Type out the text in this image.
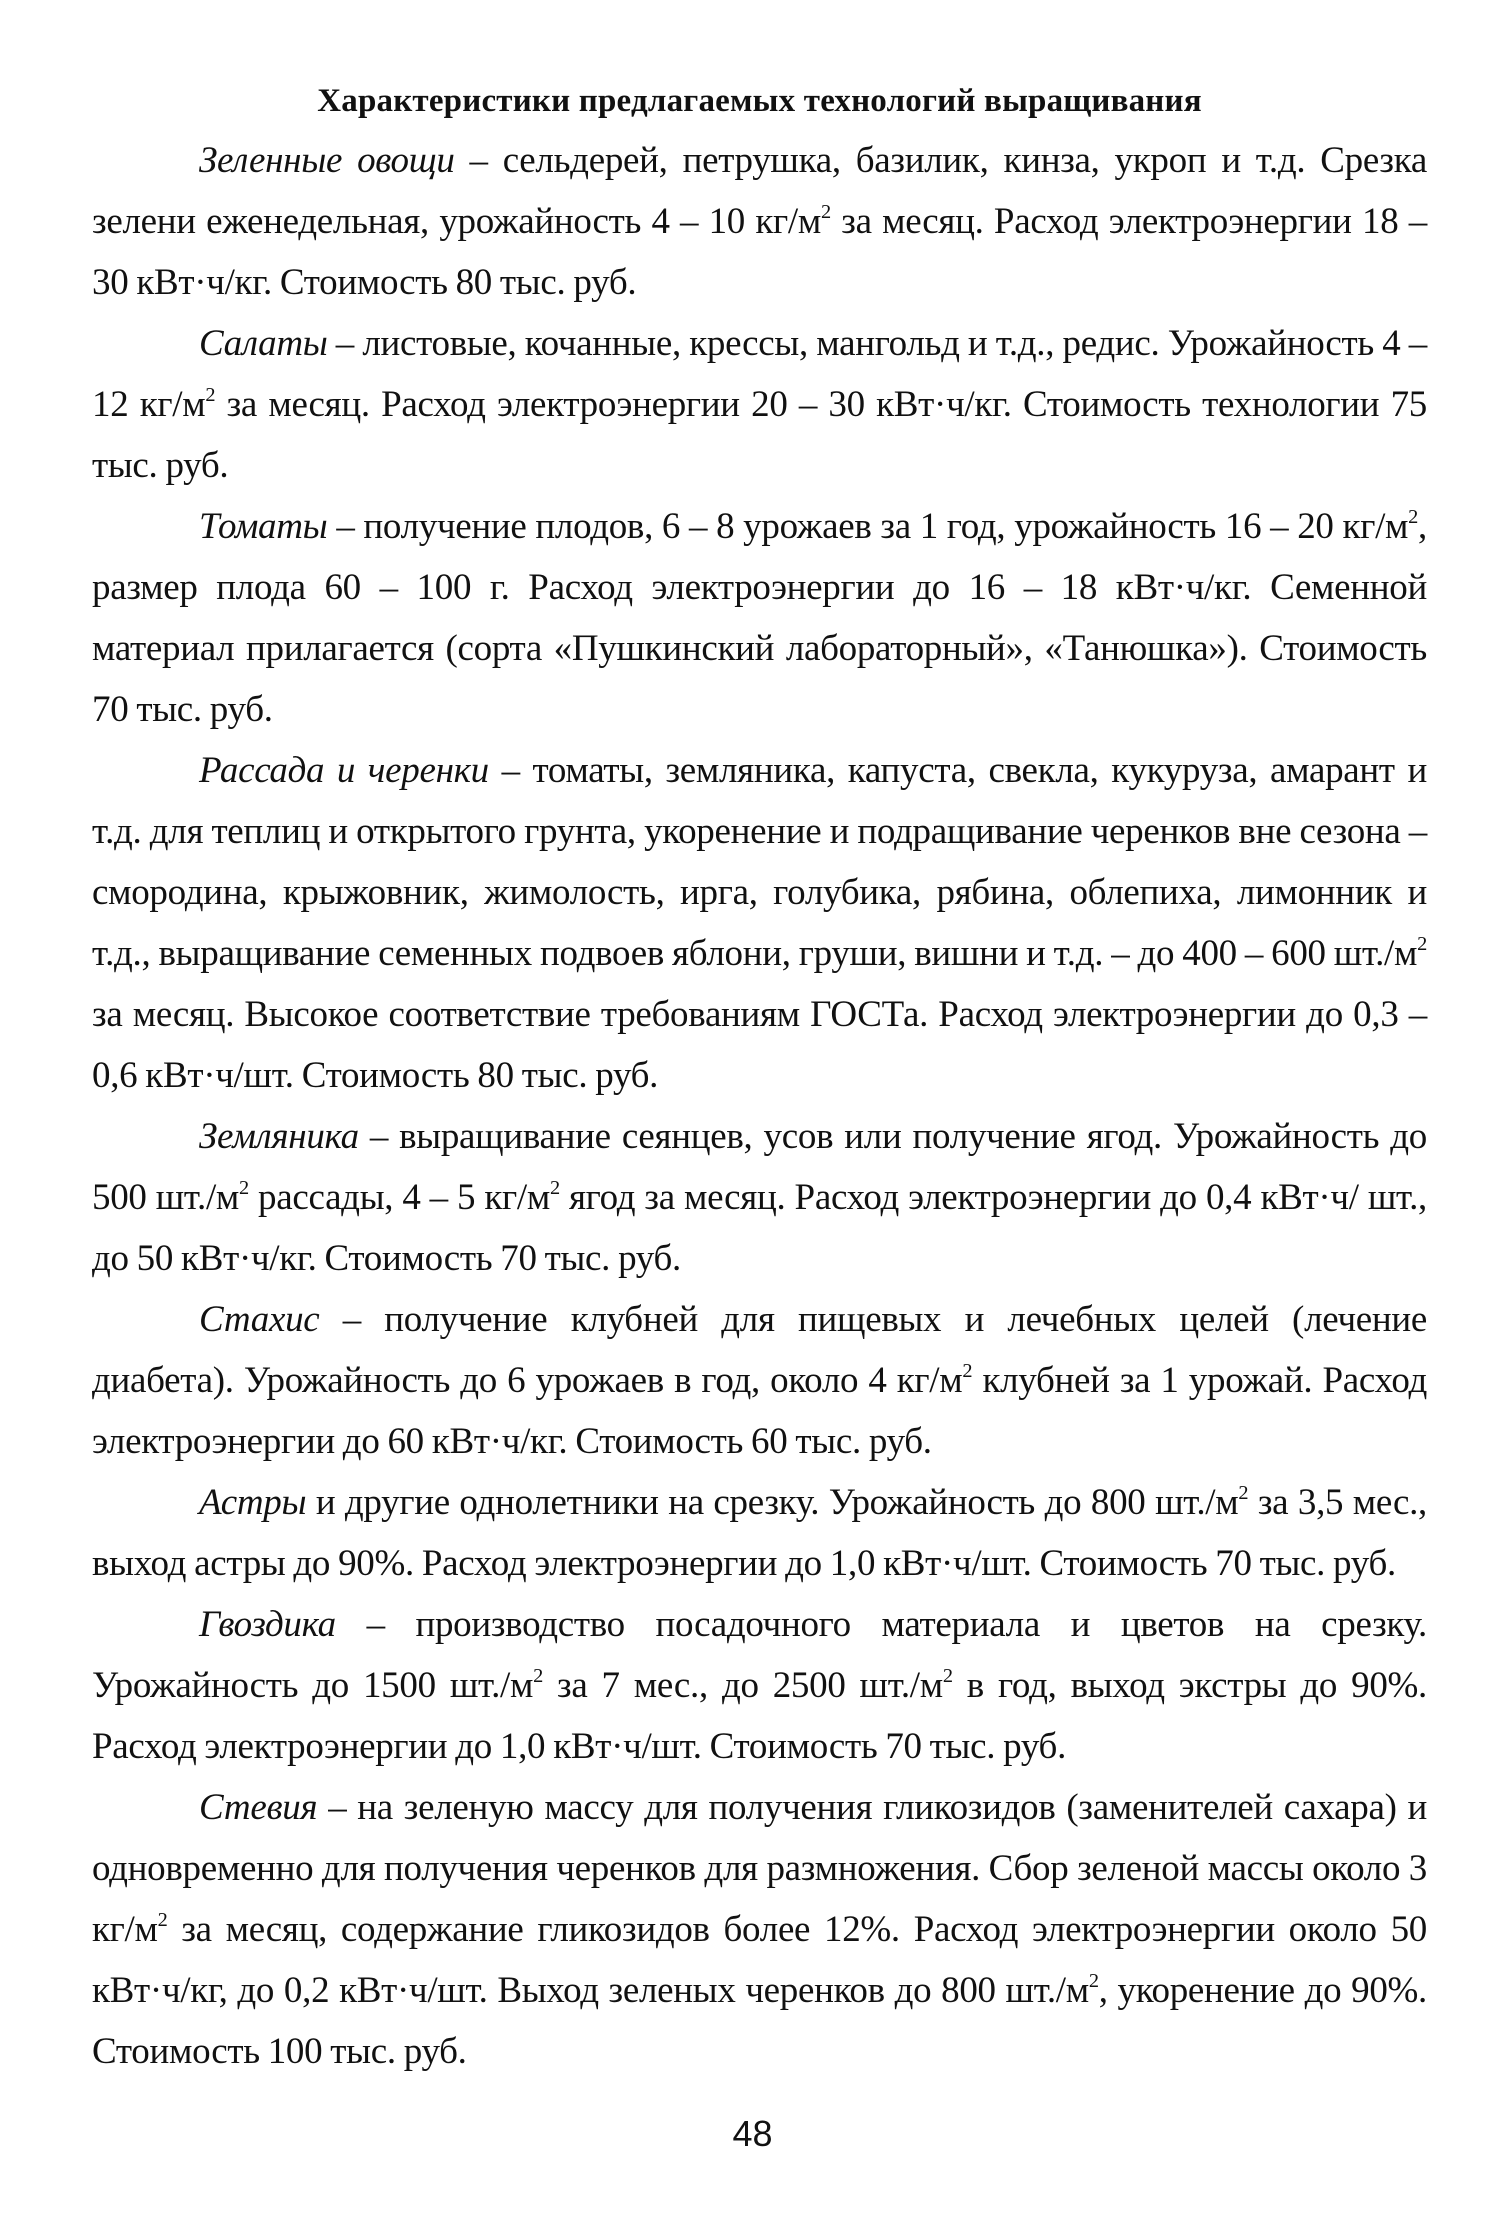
Характеристики предлагаемых технологий выращивания

Зеленные овощи – сельдерей, петрушка, базилик, кинза, укроп и т.д. Срезка зелени еженедельная, урожайность 4 – 10 $кг/м^2$ за месяц. Расход электроэнергии 18 – 30 кВт·ч/кг. Стоимость 80 тыс. руб.

Салаты – листовые, кочанные, крессы, мангольд и т.д., редис. Урожайность 4 – 12 $кг/м^2$ за месяц. Расход электроэнергии 20 – 30 кВт·ч/кг. Стоимость технологии 75 тыс. руб.

Томаты – получение плодов, 6 – 8 урожаев за 1 год, урожайность 16 – 20 $кг/м^2$, размер плода 60 – 100 г. Расход электроэнергии до 16 – 18 кВт·ч/кг. Семенной материал прилагается (сорта «Пушкинский лабораторный», «Танюшка»). Стоимость 70 тыс. руб.

Рассада и черенки – томаты, земляника, капуста, свекла, кукуруза, амарант и т.д. для теплиц и открытого грунта, укоренение и подращивание черенков вне сезона – смородина, крыжовник, жимолость, ирга, голубика, рябина, облепиха, лимонник и т.д., выращивание семенных подвоев яблони, груши, вишни и т.д. – до 400 – 600 $шт./м^2$ за месяц. Высокое соответствие требованиям ГОСТа. Расход электроэнергии до 0,3 – 0,6 кВт·ч/шт. Стоимость 80 тыс. руб.

Земляника – выращивание сеянцев, усов или получение ягод. Урожайность до 500 $шт./м^2$ рассады, 4 – 5 $кг/м^2$ ягод за месяц. Расход электроэнергии до 0,4 кВт·ч/ шт., до 50 кВт·ч/кг. Стоимость 70 тыс. руб.

Стахис – получение клубней для пищевых и лечебных целей (лечение диабета). Урожайность до 6 урожаев в год, около 4 $кг/м^2$ клубней за 1 урожай. Расход электроэнергии до 60 кВт·ч/кг. Стоимость 60 тыс. руб.

Астры и другие однолетники на срезку. Урожайность до 800 $шт./м^2$ за 3,5 мес., выход астры до 90%. Расход электроэнергии до 1,0 кВт·ч/шт. Стоимость 70 тыс. руб.

Гвоздика – производство посадочного материала и цветов на срезку. Урожайность до 1500 $шт./м^2$ за 7 мес., до 2500 $шт./м^2$ в год, выход экстры до 90%. Расход электроэнергии до 1,0 кВт·ч/шт. Стоимость 70 тыс. руб.

Стевия – на зеленую массу для получения гликозидов (заменителей сахара) и одновременно для получения черенков для размножения. Сбор зеленой массы около 3 $кг/м^2$ за месяц, содержание гликозидов более 12%. Расход электроэнергии около 50 кВт·ч/кг, до 0,2 кВт·ч/шт. Выход зеленых черенков до 800 $шт./м^2$, укоренение до 90%. Стоимость 100 тыс. руб.

48
